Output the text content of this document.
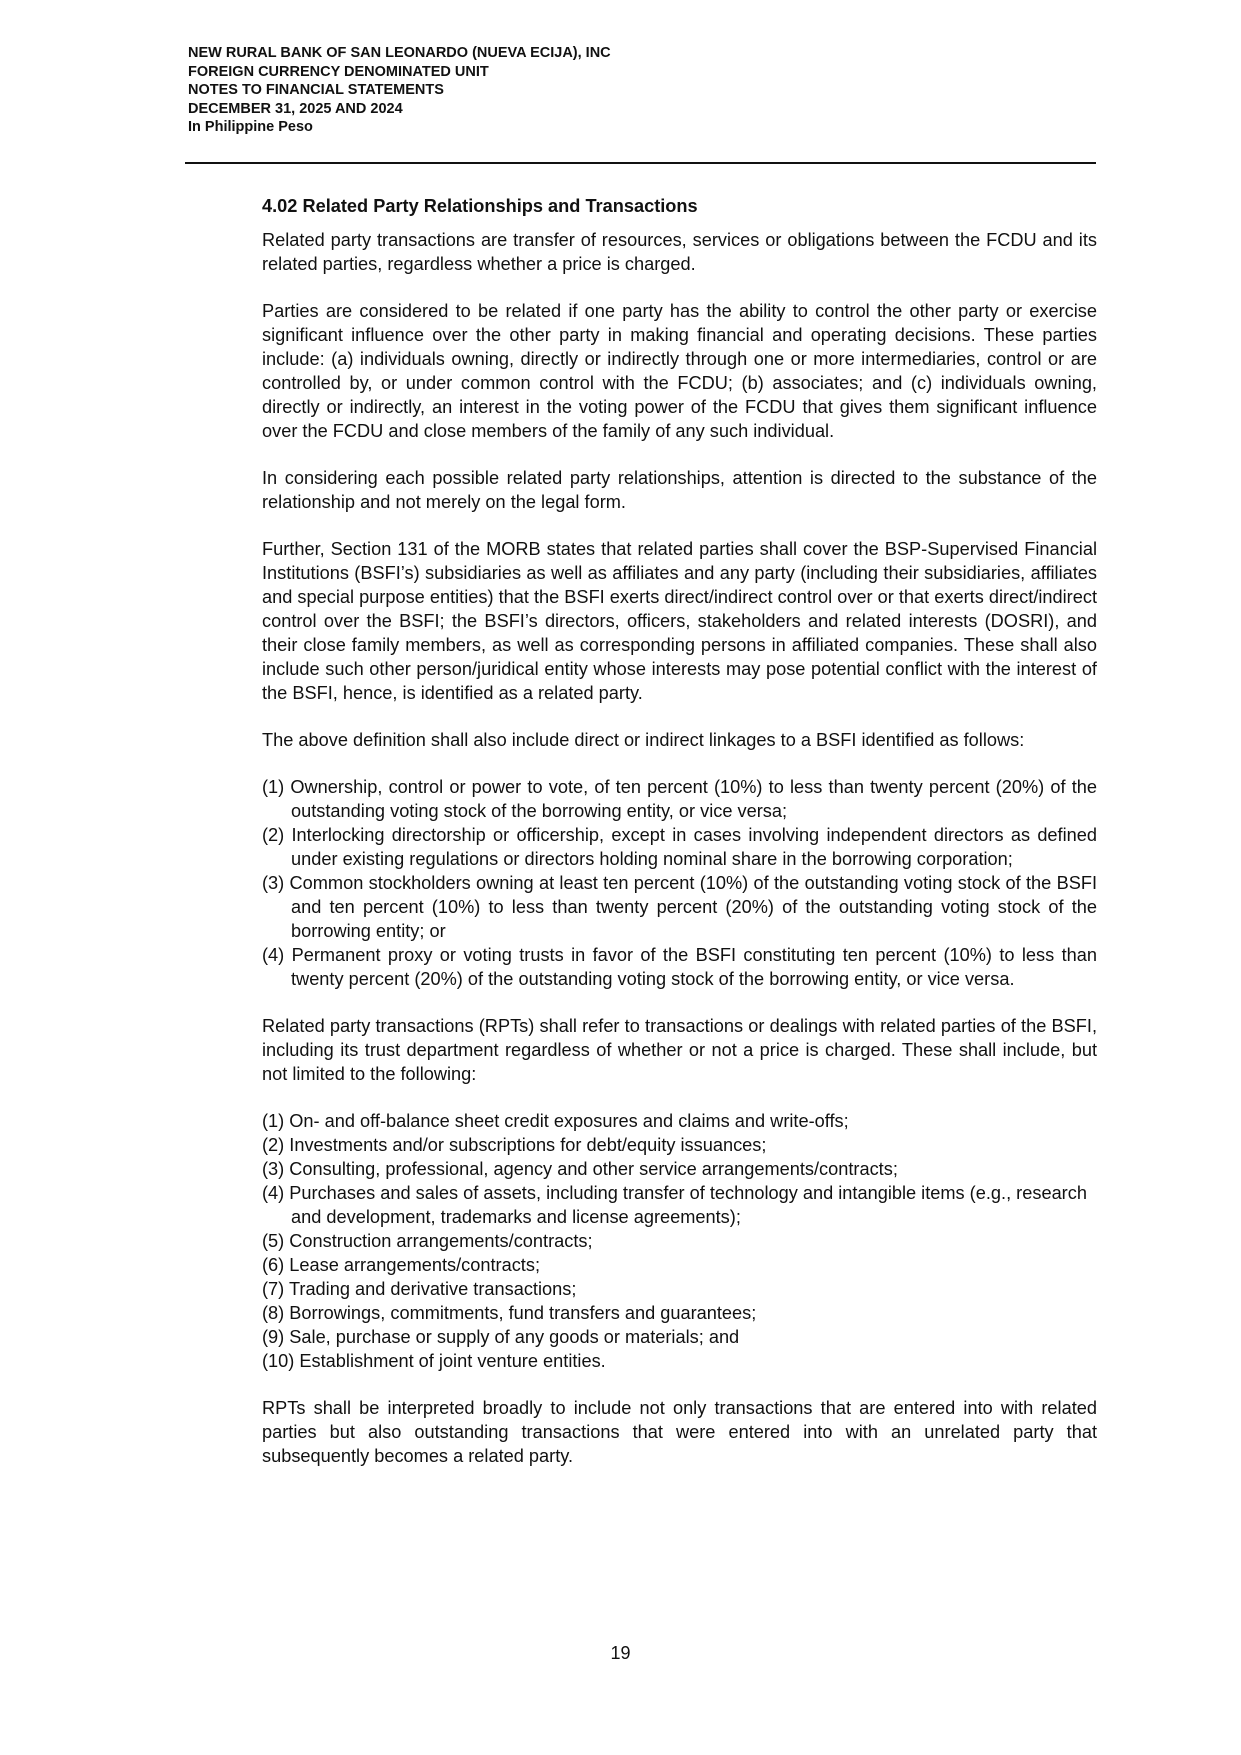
NEW RURAL BANK OF SAN LEONARDO (NUEVA ECIJA), INC
FOREIGN CURRENCY DENOMINATED UNIT
NOTES TO FINANCIAL STATEMENTS
DECEMBER 31, 2025 AND 2024
In Philippine Peso
4.02 Related Party Relationships and Transactions

Related party transactions are transfer of resources, services or obligations between the FCDU and its related parties, regardless whether a price is charged.

Parties are considered to be related if one party has the ability to control the other party or exercise significant influence over the other party in making financial and operating decisions. These parties include: (a) individuals owning, directly or indirectly through one or more intermediaries, control or are controlled by, or under common control with the FCDU; (b) associates; and (c) individuals owning, directly or indirectly, an interest in the voting power of the FCDU that gives them significant influence over the FCDU and close members of the family of any such individual.

In considering each possible related party relationships, attention is directed to the substance of the relationship and not merely on the legal form.

Further, Section 131 of the MORB states that related parties shall cover the BSP-Supervised Financial Institutions (BSFI’s) subsidiaries as well as affiliates and any party (including their subsidiaries, affiliates and special purpose entities) that the BSFI exerts direct/indirect control over or that exerts direct/indirect control over the BSFI; the BSFI’s directors, officers, stakeholders and related interests (DOSRI), and their close family members, as well as corresponding persons in affiliated companies. These shall also include such other person/juridical entity whose interests may pose potential conflict with the interest of the BSFI, hence, is identified as a related party.

The above definition shall also include direct or indirect linkages to a BSFI identified as follows:

(1) Ownership, control or power to vote, of ten percent (10%) to less than twenty percent (20%) of the outstanding voting stock of the borrowing entity, or vice versa;
(2) Interlocking directorship or officership, except in cases involving independent directors as defined under existing regulations or directors holding nominal share in the borrowing corporation;
(3) Common stockholders owning at least ten percent (10%) of the outstanding voting stock of the BSFI and ten percent (10%) to less than twenty percent (20%) of the outstanding voting stock of the borrowing entity; or
(4) Permanent proxy or voting trusts in favor of the BSFI constituting ten percent (10%) to less than twenty percent (20%) of the outstanding voting stock of the borrowing entity, or vice versa.

Related party transactions (RPTs) shall refer to transactions or dealings with related parties of the BSFI, including its trust department regardless of whether or not a price is charged. These shall include, but not limited to the following:

(1) On- and off-balance sheet credit exposures and claims and write-offs;
(2) Investments and/or subscriptions for debt/equity issuances;
(3) Consulting, professional, agency and other service arrangements/contracts;
(4) Purchases and sales of assets, including transfer of technology and intangible items (e.g., research and development, trademarks and license agreements);
(5) Construction arrangements/contracts;
(6) Lease arrangements/contracts;
(7) Trading and derivative transactions;
(8) Borrowings, commitments, fund transfers and guarantees;
(9) Sale, purchase or supply of any goods or materials; and
(10) Establishment of joint venture entities.

RPTs shall be interpreted broadly to include not only transactions that are entered into with related parties but also outstanding transactions that were entered into with an unrelated party that subsequently becomes a related party.

19
